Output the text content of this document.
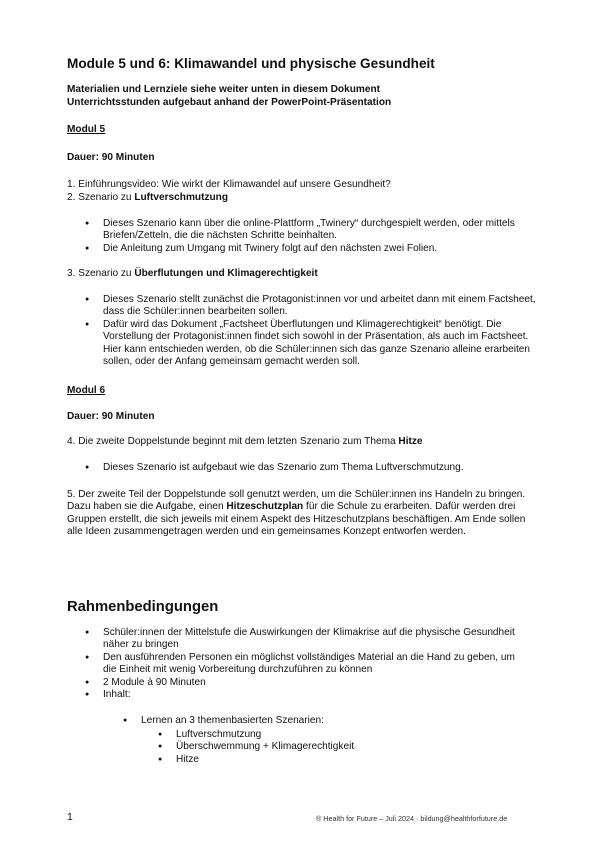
Module 5 und 6: Klimawandel und physische Gesundheit
Materialien und Lernziele siehe weiter unten in diesem Dokument
Unterrichtsstunden aufgebaut anhand der PowerPoint-Präsentation
Modul 5
Dauer: 90 Minuten
1. Einführungsvideo: Wie wirkt der Klimawandel auf unsere Gesundheit?
2. Szenario zu Luftverschmutzung
● Dieses Szenario kann über die online-Plattform „Twinery“ durchgespielt werden, oder mittels Briefen/Zetteln, die die nächsten Schritte beinhalten.
● Die Anleitung zum Umgang mit Twinery folgt auf den nächsten zwei Folien.
3. Szenario zu Überflutungen und Klimagerechtigkeit
● Dieses Szenario stellt zunächst die Protagonist:innen vor und arbeitet dann mit einem Factsheet, dass die Schüler:innen bearbeiten sollen.
● Dafür wird das Dokument „Factsheet Überflutungen und Klimagerechtigkeit“ benötigt. Die Vorstellung der Protagonist:innen findet sich sowohl in der Präsentation, als auch im Factsheet. Hier kann entschieden werden, ob die Schüler:innen sich das ganze Szenario alleine erarbeiten sollen, oder der Anfang gemeinsam gemacht werden soll.
Modul 6
Dauer: 90 Minuten
4. Die zweite Doppelstunde beginnt mit dem letzten Szenario zum Thema Hitze
● Dieses Szenario ist aufgebaut wie das Szenario zum Thema Luftverschmutzung.
5. Der zweite Teil der Doppelstunde soll genutzt werden, um die Schüler:innen ins Handeln zu bringen. Dazu haben sie die Aufgabe, einen Hitzeschutzplan für die Schule zu erarbeiten. Dafür werden drei Gruppen erstellt, die sich jeweils mit einem Aspekt des Hitzeschutzplans beschäftigen. Am Ende sollen alle Ideen zusammengetragen werden und ein gemeinsames Konzept entworfen werden.
Rahmenbedingungen
● Schüler:innen der Mittelstufe die Auswirkungen der Klimakrise auf die physische Gesundheit näher zu bringen
● Den ausführenden Personen ein möglichst vollständiges Material an die Hand zu geben, um die Einheit mit wenig Vorbereitung durchzuführen zu können
● 2 Module à 90 Minuten
● Inhalt:
● Lernen an 3 themenbasierten Szenarien:
● Luftverschmutzung
● Überschwemmung + Klimagerechtigkeit
● Hitze
1	® Health for Future – Juli 2024 · bildung@healthforfuture.de
